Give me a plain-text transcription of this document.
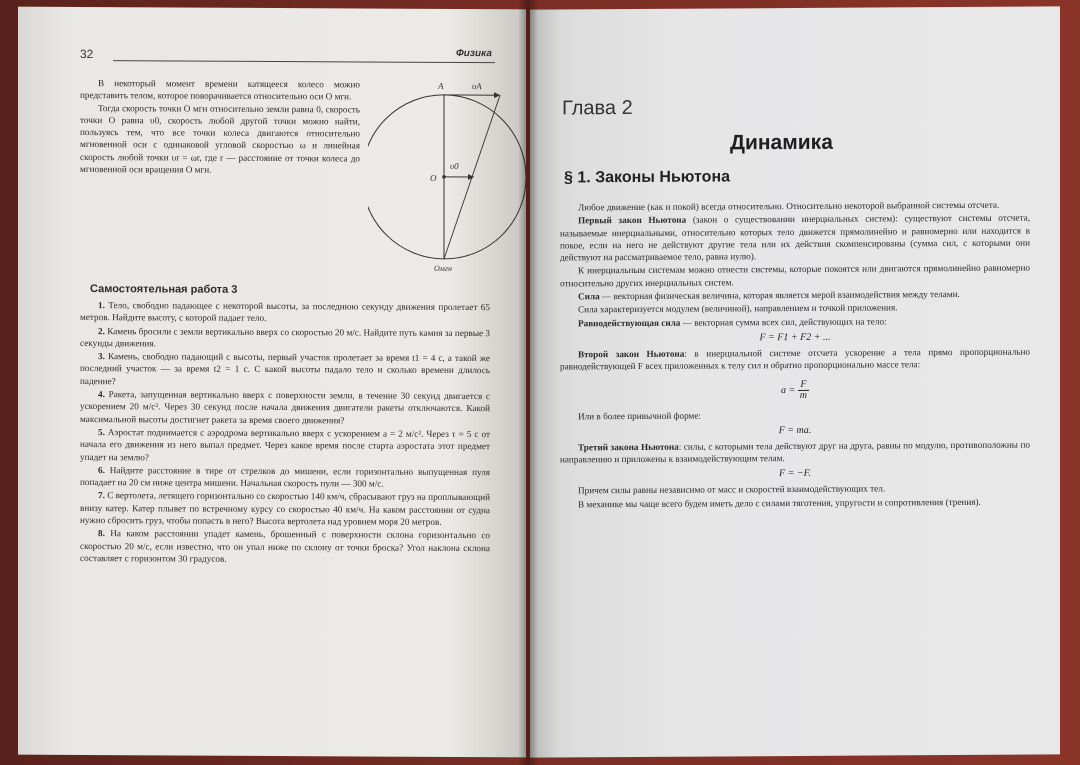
32	Физика

В некоторый момент времени катящееся колесо можно представить телом, которое поворачивается относительно оси O мгн.

Тогда скорость точки O мгн относительно земли равна 0, скорость точки O равна υ0, скорость любой другой точки можно найти, пользуясь тем, что все точки колеса двигаются относительно мгновенной оси с одинаковой угловой скоростью ω и линейная скорость любой точки υr = ωr, где r — расстояние от точки колеса до мгновенной оси вращения O мгн.

A	υA
O
υ0
Oмгн
Самостоятельная работа 3

1. Тело, свободно падающее с некоторой высоты, за последнюю секунду движения пролетает 65 метров. Найдите высоту, с которой падает тело.

2. Камень бросили с земли вертикально вверх со скоростью 20 м/с. Найдите путь камня за первые 3 секунды движения.

3. Камень, свободно падающий с высоты, первый участок пролетает за время t1 = 4 с, а такой же последний участок — за время t2 = 1 с. С какой высоты падало тело и сколько времени длилось падение?

4. Ракета, запущенная вертикально вверх с поверхности земли, в течение 30 секунд двигается с ускорением 20 м/с². Через 30 секунд после начала движения двигатели ракеты отключаются. Какой максимальной высоты достигнет ракета за время своего движения?

5. Аэростат поднимается с аэродрома вертикально вверх с ускорением a = 2 м/с². Через τ = 5 с от начала его движения из него выпал предмет. Через какое время после старта аэростата этот предмет упадет на землю?

6. Найдите расстояние в тире от стрелков до мишени, если горизонтально выпущенная пуля попадает на 20 см ниже центра мишени. Начальная скорость пули — 300 м/с.

7. С вертолета, летящего горизонтально со скоростью 140 км/ч, сбрасывают груз на проплывающий внизу катер. Катер плывет по встречному курсу со скоростью 40 км/ч. На каком расстоянии от судна нужно сбросить груз, чтобы попасть в него? Высота вертолета над уровнем моря 20 метров.

8. На каком расстоянии упадет камень, брошенный с поверхности склона горизонтально со скоростью 20 м/с, если известно, что он упал ниже по склону от точки броска? Угол наклона склона составляет с горизонтом 30 градусов.

Глава 2
Динамика
§ 1. Законы Ньютона

Любое движение (как и покой) всегда относительно. Относительно некоторой выбранной системы отсчета.

Первый закон Ньютона (закон о существовании инерциальных систем): существуют системы отсчета, называемые инерциальными, относительно которых тело движется прямолинейно и равномерно или находится в покое, если на него не действуют другие тела или их действия скомпенсированы (сумма сил, с которыми они действуют на рассматриваемое тело, равна нулю).

К инерциальным системам можно отнести системы, которые покоятся или двигаются прямолинейно равномерно относительно других инерциальных систем.

Сила — векторная физическая величина, которая является мерой взаимодействия между телами.

Сила характеризуется модулем (величиной), направлением и точкой приложения.

Равнодействующая сила — векторная сумма всех сил, действующих на тело:

F = F1 + F2 + ...

Второй закон Ньютона: в инерциальной системе отсчета ускорение a тела прямо пропорционально равнодействующей F всех приложенных к телу сил и обратно пропорционально массе тела:

$a = \frac{F}{m}$

Или в более привычной форме:

F = ma.

Третий закона Ньютона: силы, с которыми тела действуют друг на друга, равны по модулю, противоположны по направлению и приложены к взаимодействующим телам.

F = −F.

Причем силы равны независимо от масс и скоростей взаимодействующих тел.

В механике мы чаще всего будем иметь дело с силами тяготения, упругости и сопротивления (трения).
